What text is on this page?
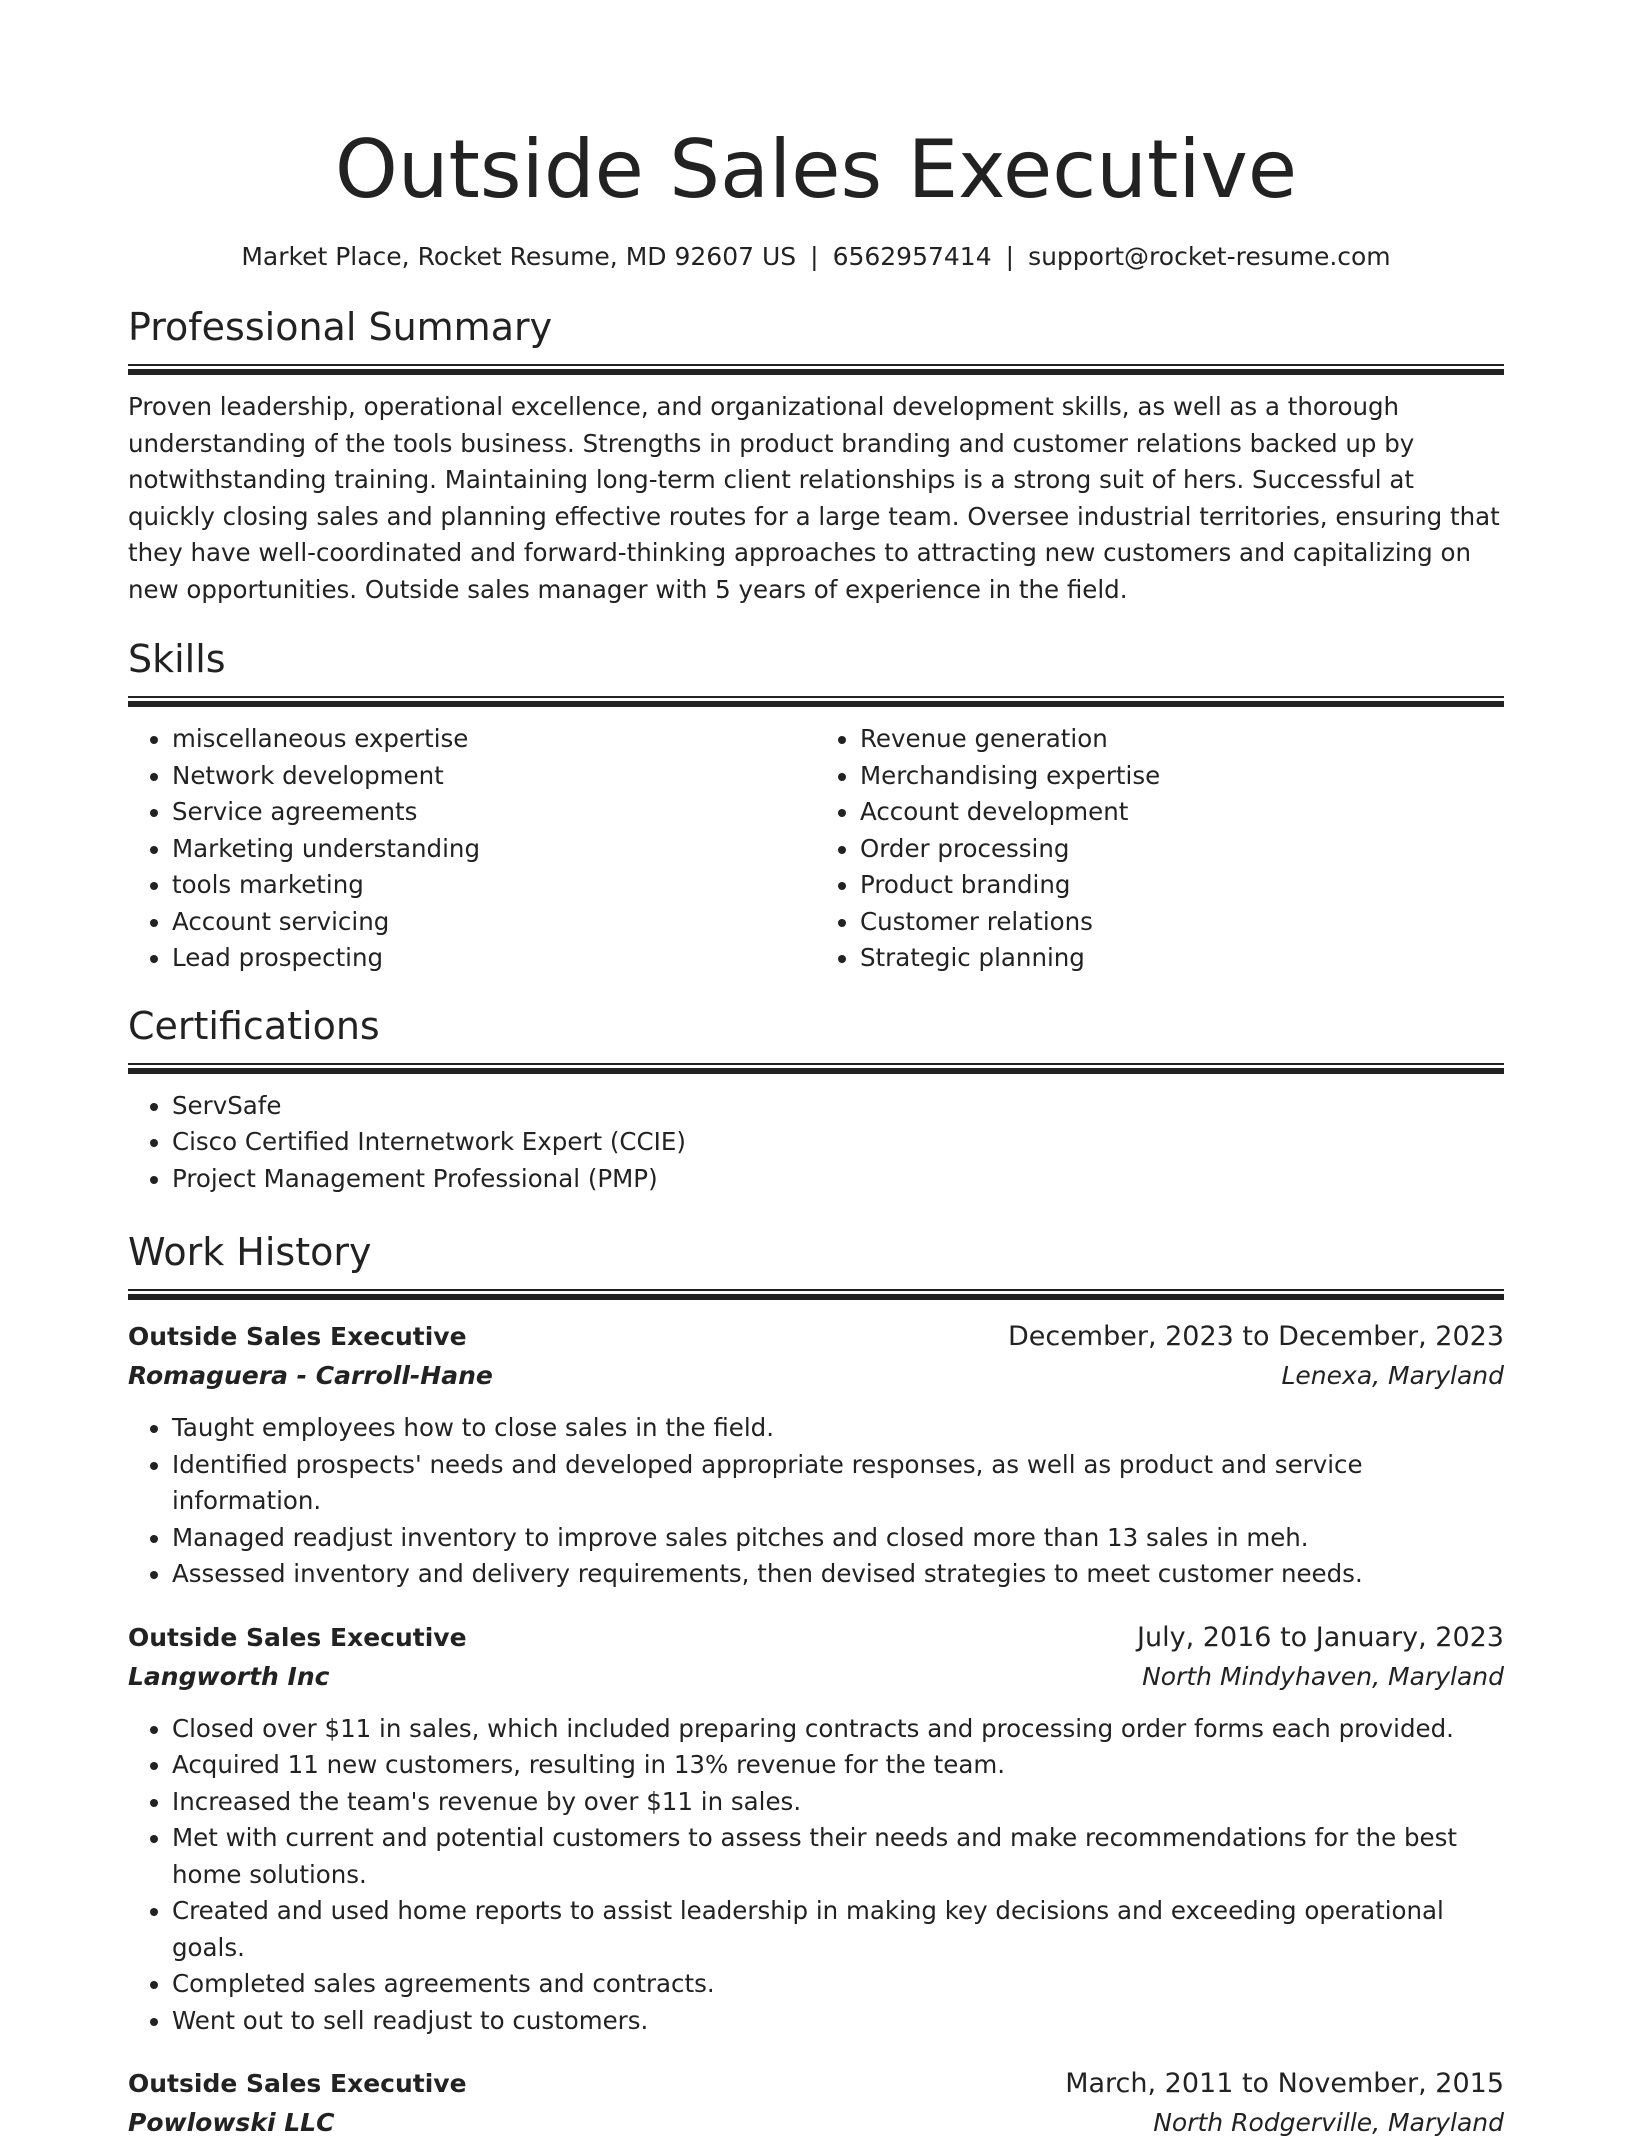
Outside Sales Executive
Market Place, Rocket Resume, MD 92607 US | 6562957414 | support@rocket-resume.com
Professional Summary

Proven leadership, operational excellence, and organizational development skills, as well as a thorough understanding of the tools business. Strengths in product branding and customer relations backed up by notwithstanding training. Maintaining long-term client relationships is a strong suit of hers. Successful at quickly closing sales and planning effective routes for a large team. Oversee industrial territories, ensuring that they have well-coordinated and forward-thinking approaches to attracting new customers and capitalizing on new opportunities. Outside sales manager with 5 years of experience in the field.

Skills
• miscellaneous expertise
• Network development
• Service agreements
• Marketing understanding
• tools marketing
• Account servicing
• Lead prospecting
• Revenue generation
• Merchandising expertise
• Account development
• Order processing
• Product branding
• Customer relations
• Strategic planning
Certifications
• ServSafe
• Cisco Certified Internetwork Expert (CCIE)
• Project Management Professional (PMP)
Work History
Outside Sales Executive	December, 2023 to December, 2023
Romaguera - Carroll-Hane	Lenexa, Maryland
• Taught employees how to close sales in the field.
• Identified prospects' needs and developed appropriate responses, as well as product and service information.
• Managed readjust inventory to improve sales pitches and closed more than 13 sales in meh.
• Assessed inventory and delivery requirements, then devised strategies to meet customer needs.
Outside Sales Executive	July, 2016 to January, 2023
Langworth Inc	North Mindyhaven, Maryland
• Closed over $11 in sales, which included preparing contracts and processing order forms each provided.
• Acquired 11 new customers, resulting in 13% revenue for the team.
• Increased the team's revenue by over $11 in sales.
• Met with current and potential customers to assess their needs and make recommendations for the best home solutions.
• Created and used home reports to assist leadership in making key decisions and exceeding operational goals.
• Completed sales agreements and contracts.
• Went out to sell readjust to customers.
Outside Sales Executive	March, 2011 to November, 2015
Powlowski LLC	North Rodgerville, Maryland
